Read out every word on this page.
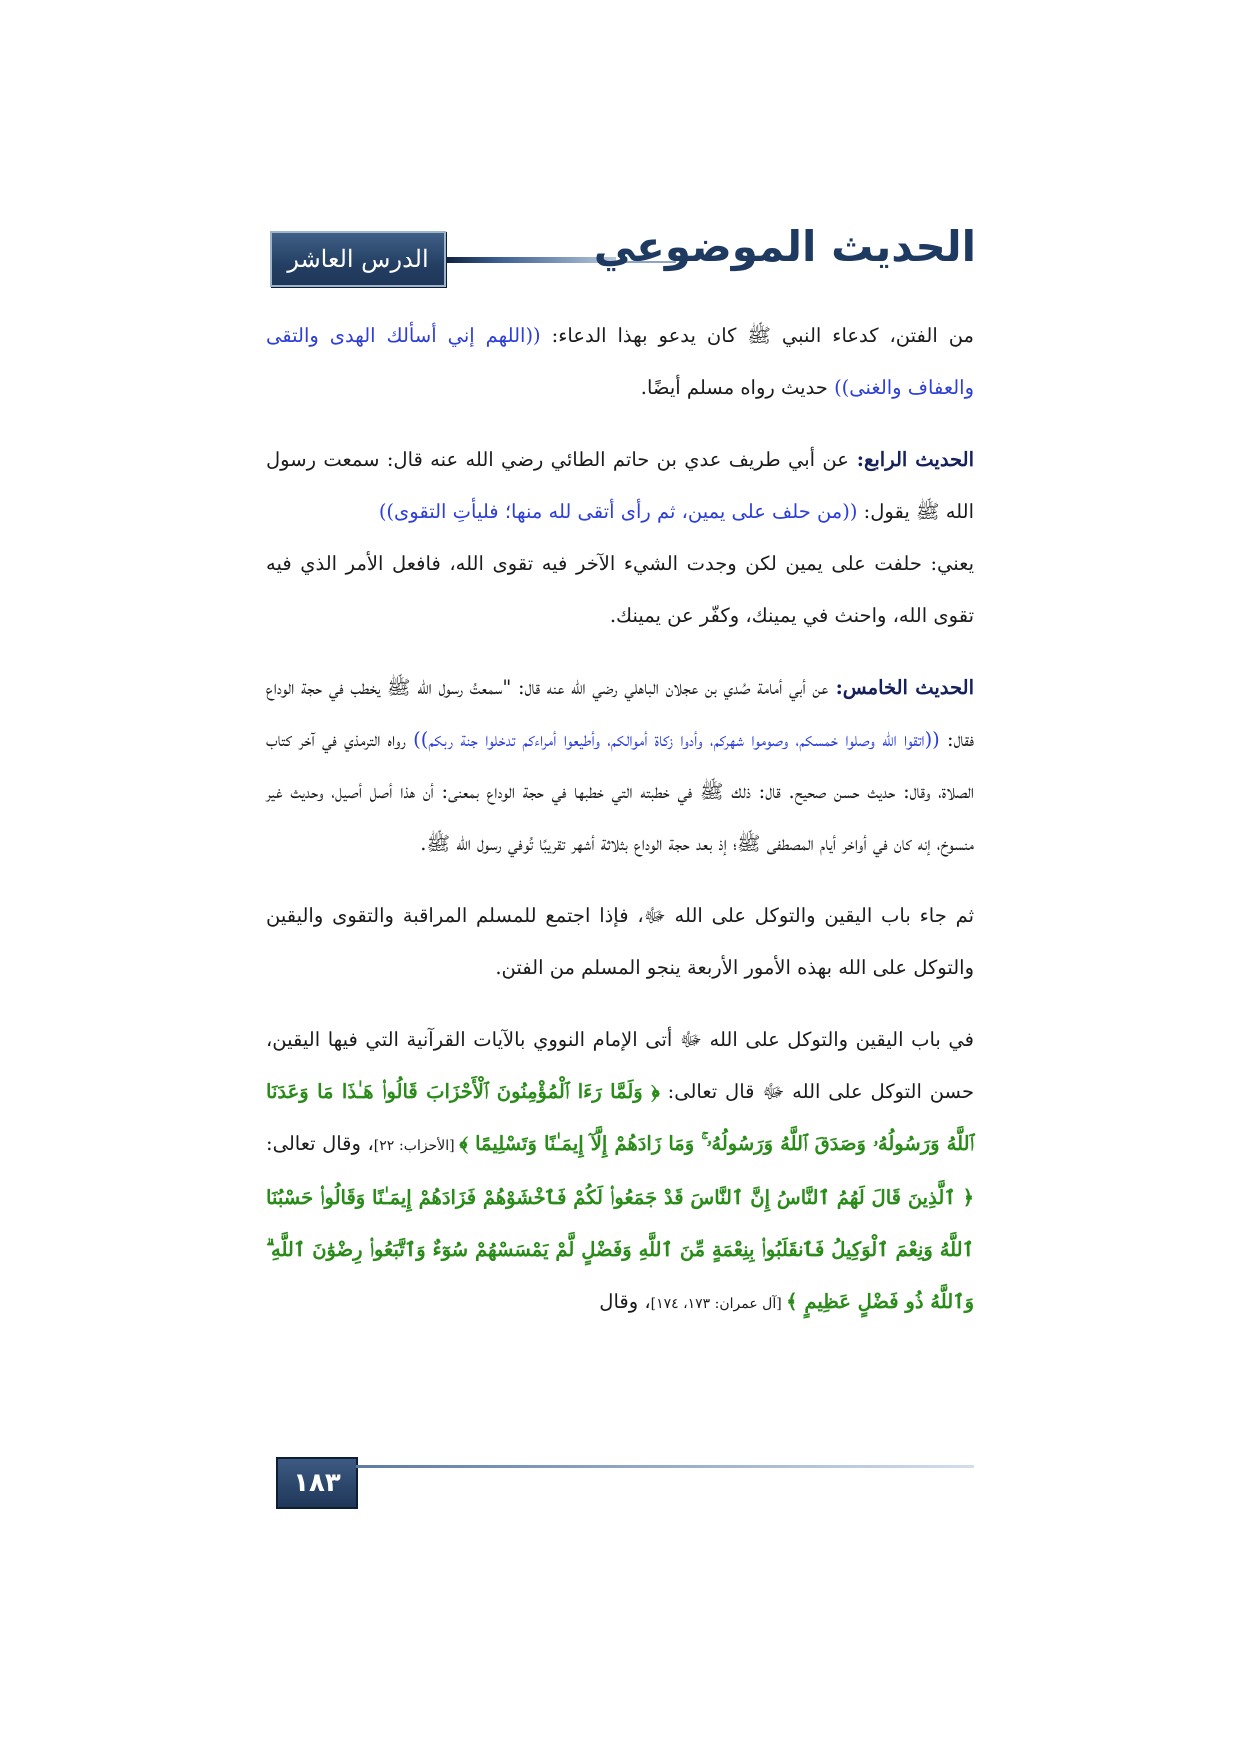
الدرس العاشر	الحديث الموضوعي

من الفتن، كدعاء النبي ﷺ كان يدعو بهذا الدعاء: ((اللهم إني أسألك الهدى والتقى والعفاف والغنى)) حديث رواه مسلم أيضًا.

الحديث الرابع: عن أبي طريف عدي بن حاتم الطائي رضي الله عنه قال: سمعت رسول الله ﷺ يقول: ((من حلف على يمين، ثم رأى أتقى لله منها؛ فليأتِ التقوى))
يعني: حلفت على يمين لكن وجدت الشيء الآخر فيه تقوى الله، فافعل الأمر الذي فيه تقوى الله، واحنث في يمينك، وكفّر عن يمينك.

الحديث الخامس: عن أبي أمامة صُدي بن عجلان الباهلي رضي الله عنه قال: "سمعتُ رسول الله ﷺ يخطب في حجة الوداع فقال: ((اتقوا الله وصلوا خمسكم، وصوموا شهركم، وأدوا زكاة أموالكم، وأطيعوا أمراءكم تدخلوا جنة ربكم)) رواه الترمذي في آخر كتاب الصلاة، وقال: حديث حسن صحيح. قال: ذلك ﷺ في خطبته التي خطبها في حجة الوداع بمعنى: أن هذا أصل أصيل، وحديث غير منسوخ، إنه كان في أواخر أيام المصطفى ﷺ؛ إذ بعد حجة الوداع بثلاثة أشهر تقريبًا تُوفي رسول الله ﷺ.

ثم جاء باب اليقين والتوكل على الله ﷻ، فإذا اجتمع للمسلم المراقبة والتقوى واليقين والتوكل على الله بهذه الأمور الأربعة ينجو المسلم من الفتن.

في باب اليقين والتوكل على الله ﷻ أتى الإمام النووي بالآيات القرآنية التي فيها اليقين، حسن التوكل على الله ﷻ قال تعالى: ﴿ وَلَمَّا رَءَا ٱلْمُؤْمِنُونَ ٱلْأَحْزَابَ قَالُوا۟ هَـٰذَا مَا وَعَدَنَا ٱللَّهُ وَرَسُولُهُۥ وَصَدَقَ ٱللَّهُ وَرَسُولُهُۥ ۚ وَمَا زَادَهُمْ إِلَّآ إِيمَـٰنًا وَتَسْلِيمًا ﴾ [الأحزاب: ٢٢]، وقال تعالى: ﴿ ٱلَّذِينَ قَالَ لَهُمُ ٱلنَّاسُ إِنَّ ٱلنَّاسَ قَدْ جَمَعُوا۟ لَكُمْ فَٱخْشَوْهُمْ فَزَادَهُمْ إِيمَـٰنًا وَقَالُوا۟ حَسْبُنَا ٱللَّهُ وَنِعْمَ ٱلْوَكِيلُ فَٱنقَلَبُوا۟ بِنِعْمَةٍ مِّنَ ٱللَّهِ وَفَضْلٍ لَّمْ يَمْسَسْهُمْ سُوٓءٌ وَٱتَّبَعُوا۟ رِضْوَٰنَ ٱللَّهِ ۗ وَٱللَّهُ ذُو فَضْلٍ عَظِيمٍ ﴾ [آل عمران: ١٧٣، ١٧٤]، وقال

١٨٣
